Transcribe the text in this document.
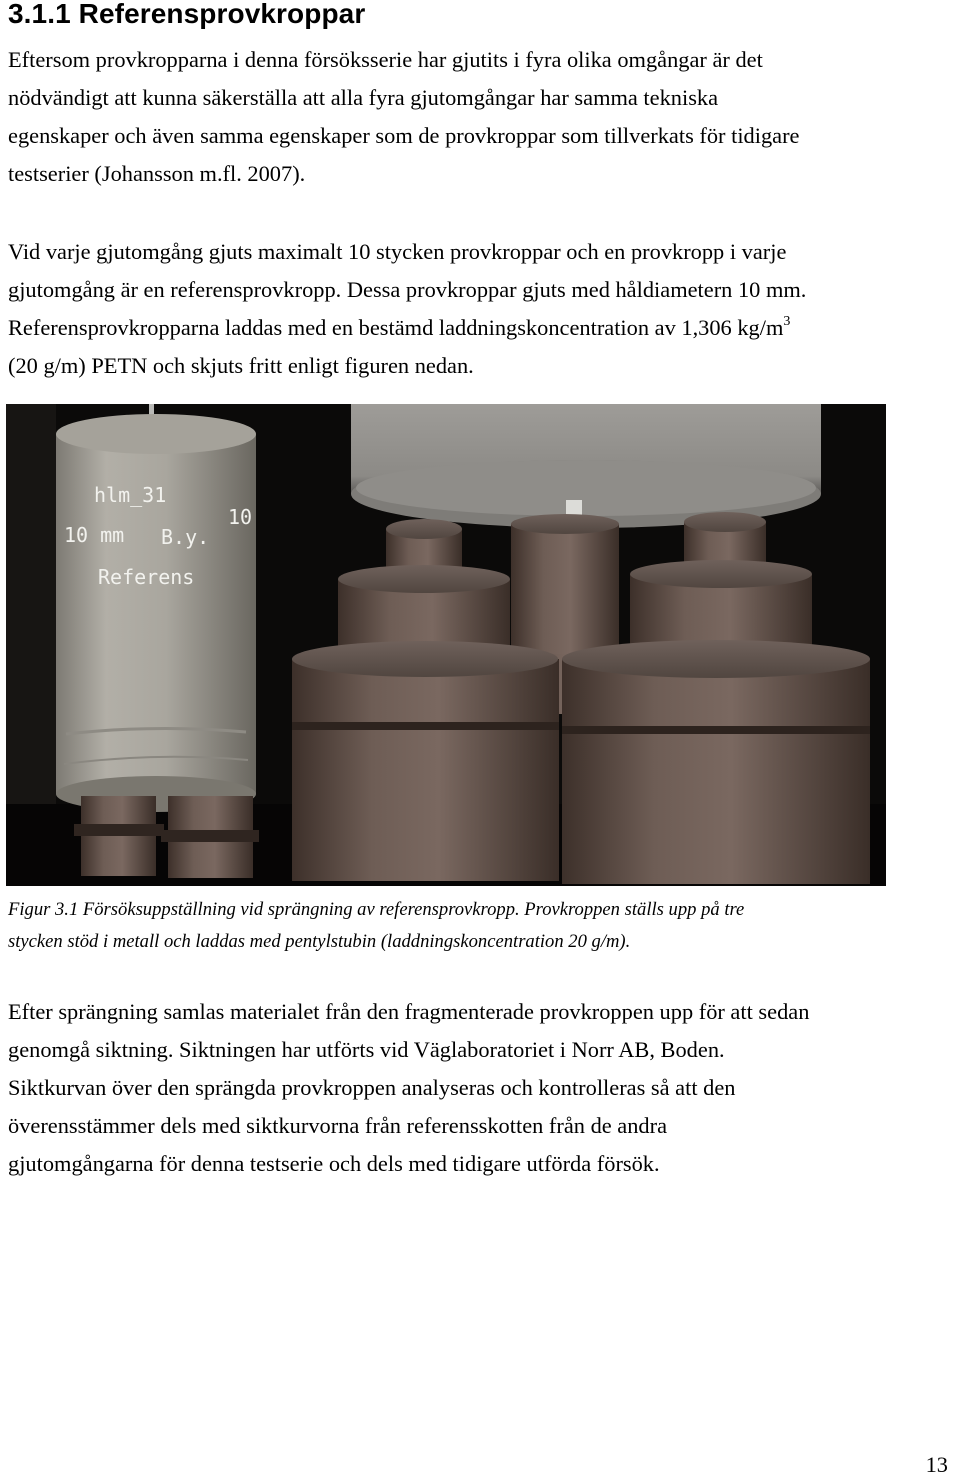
3.1.1 Referensprovkroppar
Eftersom provkropparna i denna försöksserie har gjutits i fyra olika omgångar är det
nödvändigt att kunna säkerställa att alla fyra gjutomgångar har samma tekniska
egenskaper och även samma egenskaper som de provkroppar som tillverkats för tidigare
testserier (Johansson m.fl. 2007).
Vid varje gjutomgång gjuts maximalt 10 stycken provkroppar och en provkropp i varje
gjutomgång är en referensprovkropp. Dessa provkroppar gjuts med håldiametern 10 mm.
Referensprovkropparna laddas med en bestämd laddningskoncentration av 1,306 $kg/m^3$
(20 g/m) PETN och skjuts fritt enligt figuren nedan.
hlm_31
10 mm B.y.
Referens
10
Figur 3.1 Försöksuppställning vid sprängning av referensprovkropp. Provkroppen ställs upp på tre
stycken stöd i metall och laddas med pentylstubin (laddningskoncentration 20 g/m).
Efter sprängning samlas materialet från den fragmenterade provkroppen upp för att sedan
genomgå siktning. Siktningen har utförts vid Väglaboratoriet i Norr AB, Boden.
Siktkurvan över den sprängda provkroppen analyseras och kontrolleras så att den
överensstämmer dels med siktkurvorna från referensskotten från de andra
gjutomgångarna för denna testserie och dels med tidigare utförda försök.
13
